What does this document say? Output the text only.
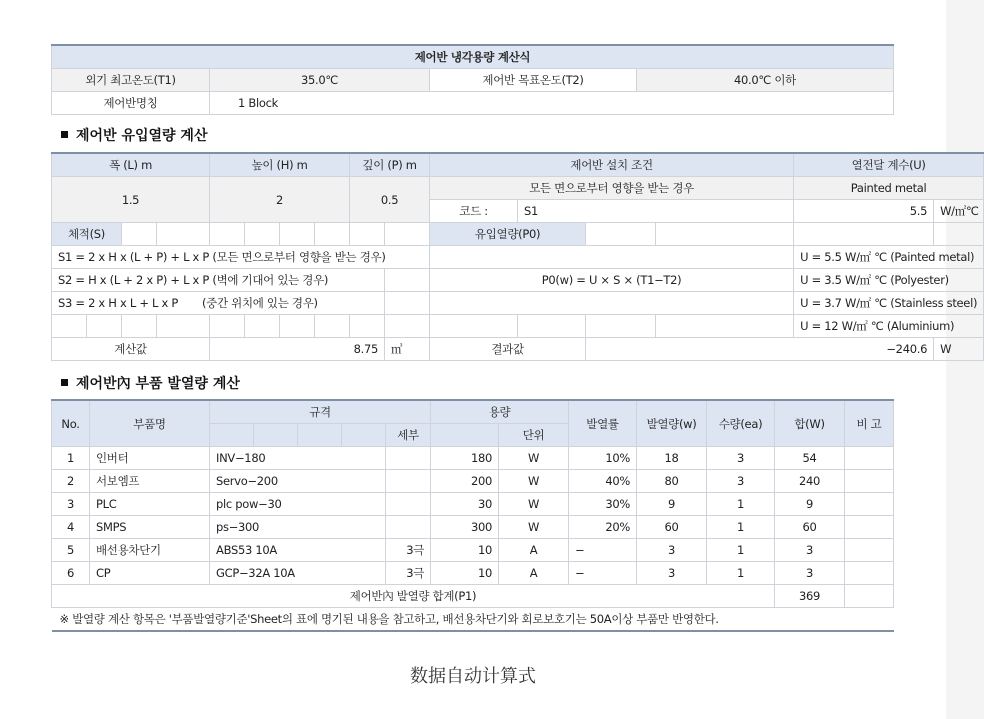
제어반 냉각용량 계산식			
외기 최고온도(T1)	35.0℃	제어반 목표온도(T2)	40.0℃ 이하
제어반명칭	1 Block		
제어반 유입열량 계산
폭 (L) m				높이 (H) m				깊이 (P) m		제어반 설치 조건				열전달 계수(U)	
1.5				2				0.5		모든 면으로부터 영향을 받는 경우				Painted metal	
										코드 :	S1			5.5	W/㎡℃
체적(S)										유입열량(P0)					
S1 = 2 x H x (L + P) + L x P (모든 면으로부터 영향을 받는 경우)														U = 5.5 W/㎡ ℃ (Painted metal)	
S2 = H x (L + 2 x P) + L x P (벽에 기대어 있는 경우)										P0(w) = U × S × (T1−T2)				U = 3.5 W/㎡ ℃ (Polyester)	
S3 = 2 x H x L + L x P (중간 위치에 있는 경우)														U = 3.7 W/㎡ ℃ (Stainless steel)	
														U = 12 W/㎡ ℃ (Aluminium)	
계산값				8.75					㎥	결과값		−240.6			W
제어반內 부품 발열량 계산
No.	부품명	규격					용량		발열률	발열량(w)	수량(ea)	합(W)	비 고
						세부		단위					
1	인버터	INV−180					180	W	10%	18	3	54	
2	서보엠프	Servo−200					200	W	40%	80	3	240	
3	PLC	plc pow−30					30	W	30%	9	1	9	
4	SMPS	ps−300					300	W	20%	60	1	60	
5	배선용차단기	ABS53 10A				3극	10	A	−	3	1	3	
6	CP	GCP−32A 10A				3극	10	A	−	3	1	3	
제어반內 발열량 합계(P1)												369	
※ 발열량 계산 항목은 '부품발열량기준'Sheet의 표에 명기된 내용을 참고하고, 배선용차단기와 회로보호기는 50A이상 부품만 반영한다.													
数据自动计算式
